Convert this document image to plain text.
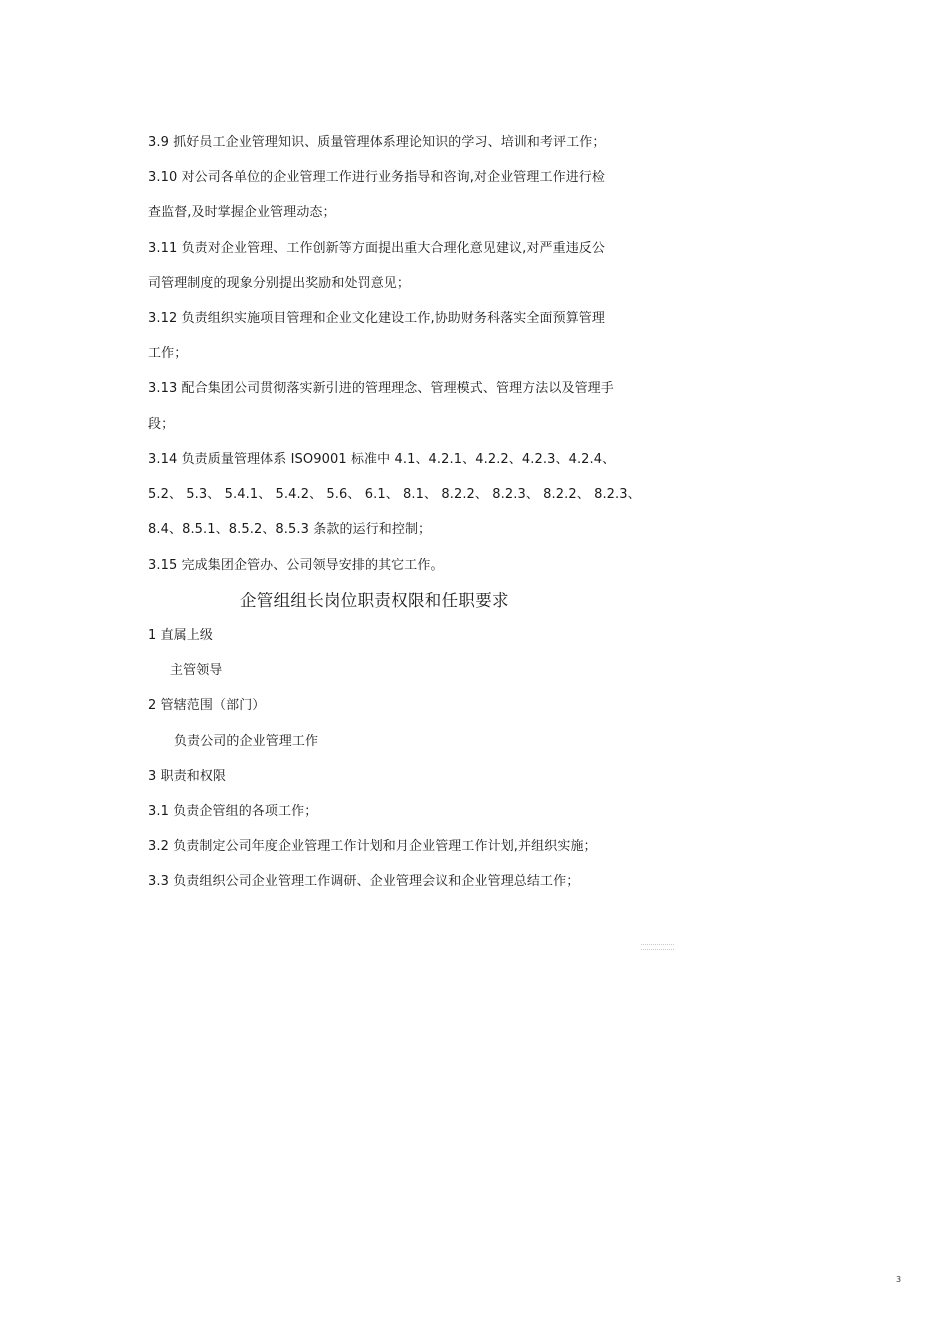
3.9 抓好员工企业管理知识、质量管理体系理论知识的学习、培训和考评工作；
3.10 对公司各单位的企业管理工作进行业务指导和咨询,对企业管理工作进行检
查监督,及时掌握企业管理动态；
3.11 负责对企业管理、工作创新等方面提出重大合理化意见建议,对严重违反公
司管理制度的现象分别提出奖励和处罚意见；
3.12 负责组织实施项目管理和企业文化建设工作,协助财务科落实全面预算管理
工作；
3.13 配合集团公司贯彻落实新引进的管理理念、管理模式、管理方法以及管理手
段；
3.14 负责质量管理体系 ISO9001 标准中 4.1、4.2.1、4.2.2、4.2.3、4.2.4、
5.2、 5.3、 5.4.1、 5.4.2、 5.6、 6.1、 8.1、 8.2.2、 8.2.3、 8.2.2、 8.2.3、
8.4、8.5.1、8.5.2、8.5.3 条款的运行和控制；
3.15 完成集团企管办、公司领导安排的其它工作。
企管组组长岗位职责权限和任职要求
1 直属上级
主管领导
2 管辖范围（部门）
负责公司的企业管理工作
3 职责和权限
3.1 负责企管组的各项工作；
3.2 负责制定公司年度企业管理工作计划和月企业管理工作计划,并组织实施；
3.3 负责组织公司企业管理工作调研、企业管理会议和企业管理总结工作；
3
